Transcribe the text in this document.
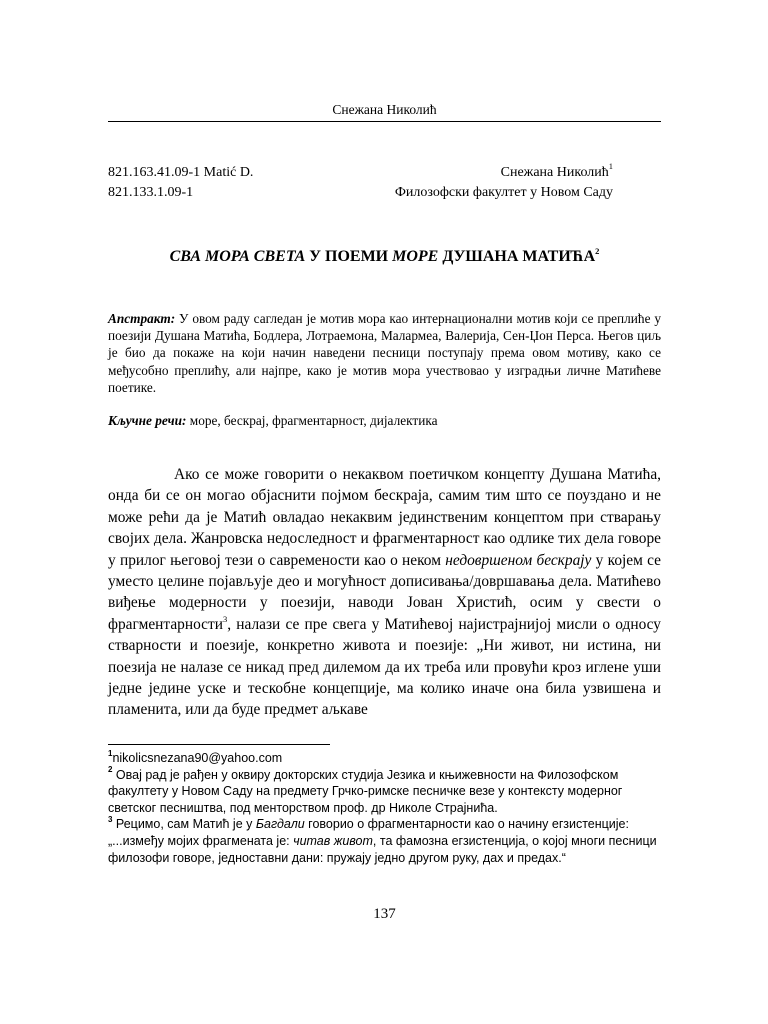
Снежана Николић
821.163.41.09-1 Matić D.
821.133.1.09-1
Снежана Николић$^1$
Филозофски факултет у Новом Саду
СВА МОРА СВЕТА У ПОЕМИ МОРЕ ДУШАНА МАТИЋА$^2$
Апстракт: У овом раду сагледан је мотив мора као интернационални мотив који се преплиће у поезији Душана Матића, Бодлера, Лотраемона, Малармеа, Валерија, Сен-Џон Перса. Његов циљ је био да покаже на који начин наведени песници поступају према овом мотиву, како се међусобно преплићу, али најпре, како је мотив мора учествовао у изградњи личне Матићеве поетике.
Кључне речи: море, бескрај, фрагментарност, дијалектика

Ако се може говорити о некаквом поетичком концепту Душана Матића, онда би се он могао објаснити појмом бескраја, самим тим што се поуздано и не може рећи да је Матић овладао некаквим јединственим концептом при стварању својих дела. Жанровска недоследност и фрагментарност као одлике тих дела говоре у прилог његовој тези о савремености као о неком недовршеном бескрају у којем се уместо целине појављује део и могућност дописивања/довршавања дела. Матићево виђење модерности у поезији, наводи Јован Христић, осим у свести о фрагментарности$^3$, налази се пре свега у Матићевој најистрајнијој мисли о односу стварности и поезије, конкретно живота и поезије: „Ни живот, ни истина, ни поезија не налазе се никад пред дилемом да их треба или провући кроз иглене уши једне једине уске и тескобне концепције, ма колико иначе она била узвишена и пламенита, или да буде предмет аљкаве

$^1$nikolicsnezana90@yahoo.com

$^2$ Овај рад је рађен у оквиру докторских студија Језика и књижевности на Филозофском факултету у Новом Саду на предмету Грчко-римске песничке везе у контексту модерног светског песништва, под менторством проф. др Николе Страјнића.

$^3$ Рецимо, сам Матић је у Багдали говорио о фрагментарности као о начину егзистенције: „...између мојих фрагмената је: читав живот, та фамозна егзистенција, о којој многи песници филозофи говоре, једноставни дани: пружају једно другом руку, дах и предах.“

137
